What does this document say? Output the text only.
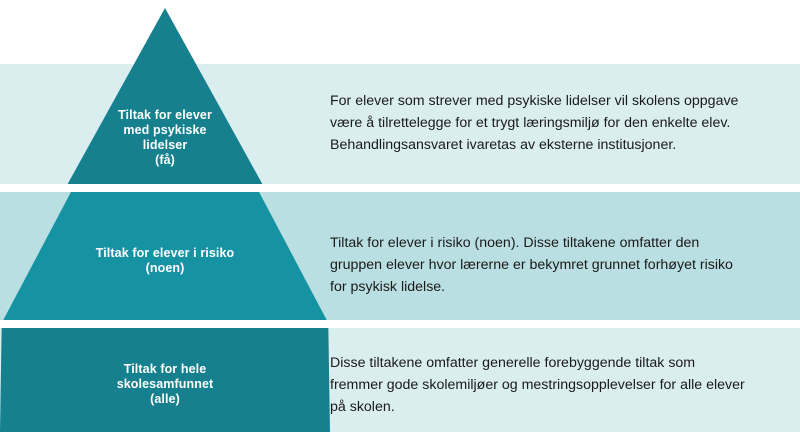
Tiltak for elever
med psykiske
lidelser
(få)
Tiltak for elever i risiko
(noen)
Tiltak for hele
skolesamfunnet
(alle)
For elever som strever med psykiske lidelser vil skolens oppgave
være å tilrettelegge for et trygt læringsmiljø for den enkelte elev.
Behandlingsansvaret ivaretas av eksterne institusjoner.
Tiltak for elever i risiko (noen). Disse tiltakene omfatter den
gruppen elever hvor lærerne er bekymret grunnet forhøyet risiko
for psykisk lidelse.
Disse tiltakene omfatter generelle forebyggende tiltak som
fremmer gode skolemiljøer og mestringsopplevelser for alle elever
på skolen.
